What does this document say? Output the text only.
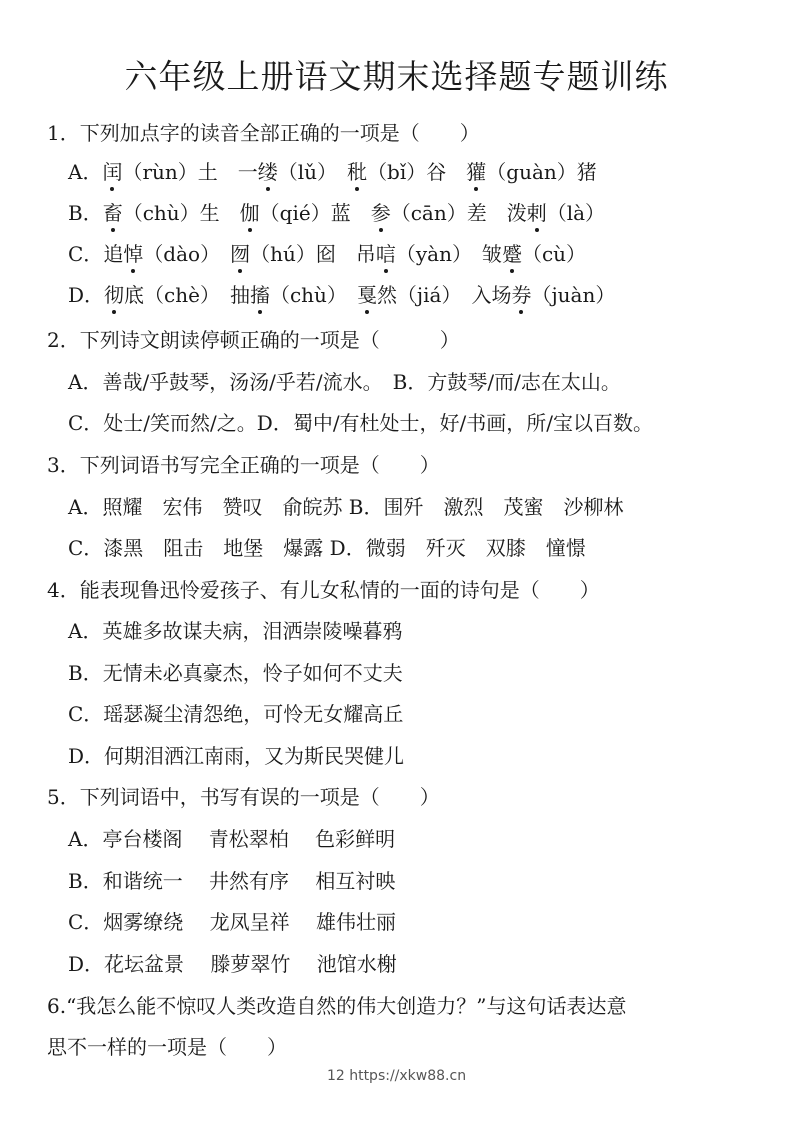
六年级上册语文期末选择题专题训练
1．下列加点字的读音全部正确的一项是（　　）
A．闰（rùn）土　一缕（lǔ）　秕（bǐ）谷　獾（guàn）猪
B．畜（chù）生　伽（qié）蓝　参（cān）差　泼剌（là）
C．追悼（dào）　囫（hú）囵　吊唁（yàn）　皱蹙（cù）
D．彻底（chè）　抽搐（chù）　戛然（jiá）　入场券（juàn）
2．下列诗文朗读停顿正确的一项是（　　　）
A．善哉/乎鼓琴，汤汤/乎若/流水。　B．方鼓琴/而/志在太山。
C．处士/笑而然/之。D．蜀中/有杜处士，好/书画，所/宝以百数。
3．下列词语书写完全正确的一项是（　　）
A．照耀　宏伟　赞叹　俞皖苏 B．围歼　激烈　茂蜜　沙柳林
C．漆黑　阻击　地堡　爆露 D．微弱　歼灭　双膝　憧憬
4．能表现鲁迅怜爱孩子、有儿女私情的一面的诗句是（　　）
A．英雄多故谋夫病，泪洒崇陵噪暮鸦
B．无情未必真豪杰，怜子如何不丈夫
C．瑶瑟凝尘清怨绝，可怜无女耀高丘
D．何期泪洒江南雨，又为斯民哭健儿
5．下列词语中，书写有误的一项是（　　）
A．亭台楼阁　 青松翠柏　 色彩鲜明
B．和谐统一　 井然有序　 相互衬映
C．烟雾缭绕　 龙凤呈祥　 雄伟壮丽
D．花坛盆景　 滕萝翠竹　 池馆水榭
6.“我怎么能不惊叹人类改造自然的伟大创造力？”与这句话表达意
思不一样的一项是（　　）
12 https://xkw88.cn
